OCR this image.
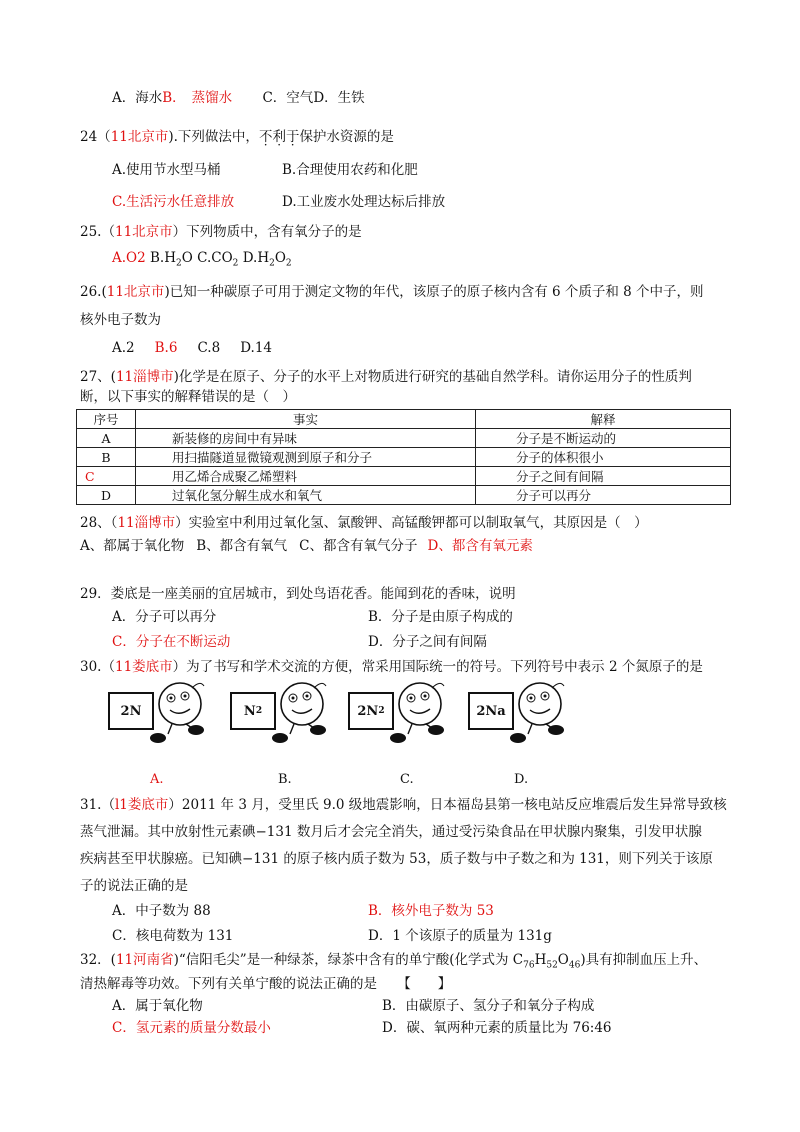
A．海水B． 蒸馏水 C．空气D．生铁
24（11北京市).下列做法中，不利于保护水资源的是
A.使用节水型马桶	B.合理使用农药和化肥
C.生活污水任意排放	D.工业废水处理达标后排放
25.（11北京市）下列物质中，含有氧分子的是
A.O2 $B.H_2O$ $C.CO_2$ $D.H_2O_2$
26.(11北京市)已知一种碳原子可用于测定文物的年代，该原子的原子核内含有 6 个质子和 8 个中子，则
核外电子数为
A.2 B.6 C.8 D.14
27、(11淄博市)化学是在原子、分子的水平上对物质进行研究的基础自然学科。请你运用分子的性质判
断，以下事实的解释错误的是（　）
序号	事实	解释
A	新装修的房间中有异味	分子是不断运动的
B	用扫描隧道显微镜观测到原子和分子	分子的体积很小
C	用乙烯合成聚乙烯塑料	分子之间有间隔
D	过氧化氢分解生成水和氧气	分子可以再分
28、（11淄博市）实验室中利用过氧化氢、氯酸钾、高锰酸钾都可以制取氧气，其原因是（　）
A、都属于氧化物 B、都含有氧气 C、都含有氧气分子 D、都含有氧元素
29．娄底是一座美丽的宜居城市，到处鸟语花香。能闻到花的香味，说明
A．分子可以再分	B．分子是由原子构成的
C．分子在不断运动	D．分子之间有间隔
30.（11娄底市）为了书写和学术交流的方便，常采用国际统一的符号。下列符号中表示 2 个氮原子的是
2N	N 2	2N 2	2Na
A.	B.	C.	D.
31.（l1娄底市）2011 年 3 月，受里氏 9.0 级地震影响，日本福岛县第一核电站反应堆震后发生异常导致核
蒸气泄漏。其中放射性元素碘−131 数月后才会完全消失，通过受污染食品在甲状腺内聚集，引发甲状腺
疾病甚至甲状腺癌。已知碘−131 的原子核内质子数为 53，质子数与中子数之和为 131，则下列关于该原
子的说法正确的是
A．中子数为 88	B．核外电子数为 53
C．核电荷数为 131	D．1 个该原子的质量为 131g
32．(11河南省)“信阳毛尖”是一种绿茶，绿茶中含有的单宁酸(化学式为 $C_{76}H_{52}O_{46}$)具有抑制血压上升、
清热解毒等功效。下列有关单宁酸的说法正确的是　　【　　】
A．属于氧化物	B．由碳原子、氢分子和氧分子构成
C．氢元素的质量分数最小	D．碳、氧两种元素的质量比为 76:46
